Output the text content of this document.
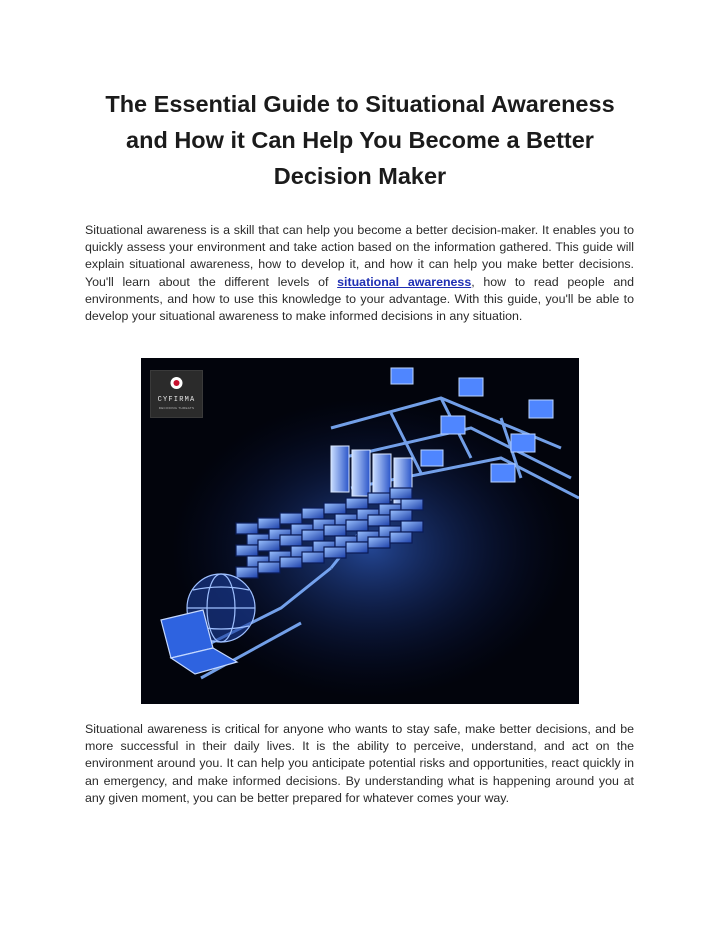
The Essential Guide to Situational Awareness and How it Can Help You Become a Better Decision Maker

Situational awareness is a skill that can help you become a better decision-maker. It enables you to quickly assess your environment and take action based on the information gathered. This guide will explain situational awareness, how to develop it, and how it can help you make better decisions. You'll learn about the different levels of situational awareness, how to read people and environments, and how to use this knowledge to your advantage. With this guide, you'll be able to develop your situational awareness to make informed decisions in any situation.

CYFIRMA
DECODING THREATS

Situational awareness is critical for anyone who wants to stay safe, make better decisions, and be more successful in their daily lives. It is the ability to perceive, understand, and act on the environment around you. It can help you anticipate potential risks and opportunities, react quickly in an emergency, and make informed decisions. By understanding what is happening around you at any given moment, you can be better prepared for whatever comes your way.
